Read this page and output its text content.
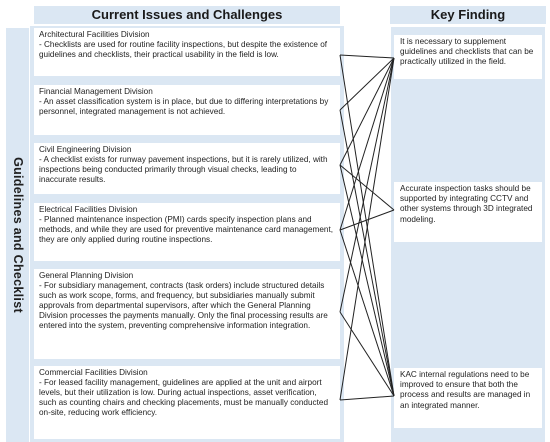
Current Issues and Challenges	Key Finding
Guidelines and Checklist
Architectural Facilities Division
- Checklists are used for routine facility inspections, but despite the existence of guidelines and checklists, their practical usability in the field is low.
Financial Management Division
- An asset classification system is in place, but due to differing interpretations by personnel, integrated management is not achieved.
Civil Engineering Division
- A checklist exists for runway pavement inspections, but it is rarely utilized, with inspections being conducted primarily through visual checks, leading to inaccurate results.
Electrical Facilities Division
- Planned maintenance inspection (PMI) cards specify inspection plans and methods, and while they are used for preventive maintenance card management, they are only applied during routine inspections.
General Planning Division
- For subsidiary management, contracts (task orders) include structured details such as work scope, forms, and frequency, but subsidiaries manually submit approvals from departmental supervisors, after which the General Planning Division processes the payments manually. Only the final processing results are entered into the system, preventing comprehensive information integration.
Commercial Facilities Division
- For leased facility management, guidelines are applied at the unit and airport levels, but their utilization is low. During actual inspections, asset verification, such as counting chairs and checking placements, must be manually conducted on-site, reducing work efficiency.
It is necessary to supplement guidelines and checklists that can be practically utilized in the field.
Accurate inspection tasks should be supported by integrating CCTV and other systems through 3D integrated modeling.
KAC internal regulations need to be improved to ensure that both the process and results are managed in an integrated manner.
